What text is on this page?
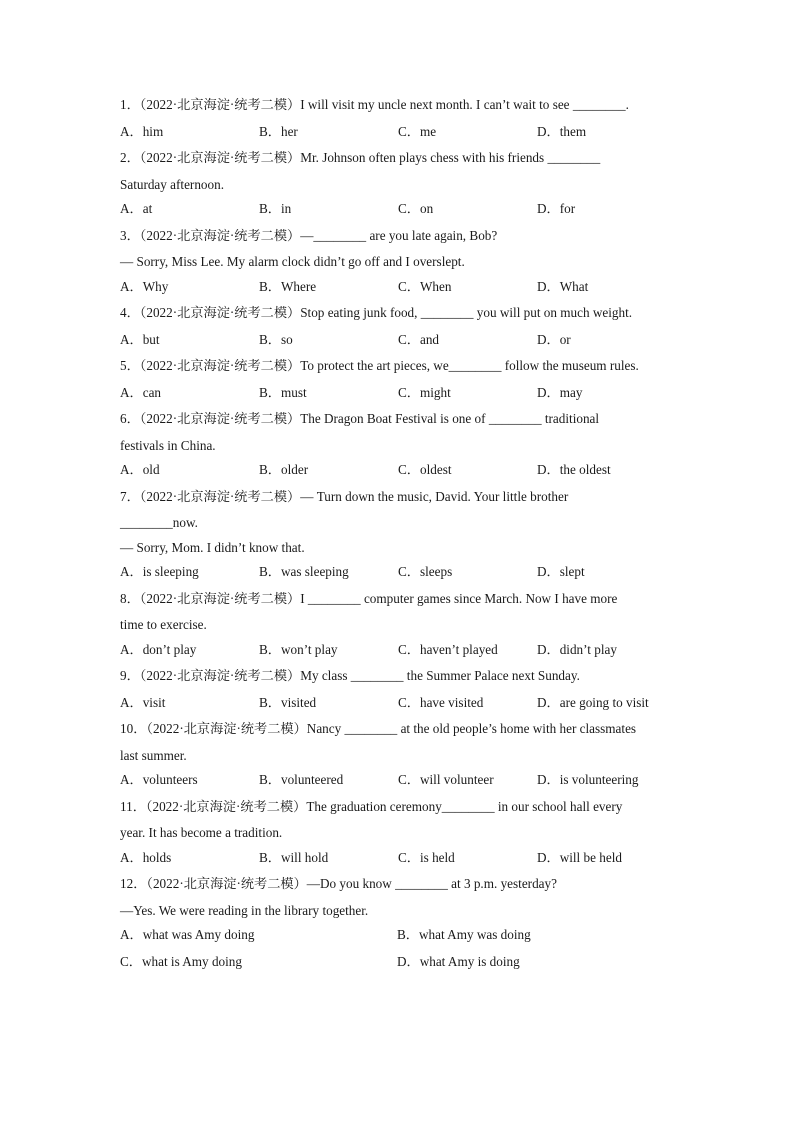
1．（2022·北京海淀·统考二模）I will visit my uncle next month. I can’t wait to see ________.
A．him	B．her	C．me	D．them
2．（2022·北京海淀·统考二模）Mr. Johnson often plays chess with his friends ________
Saturday afternoon.
A．at	B．in	C．on	D．for
3．（2022·北京海淀·统考二模）—________ are you late again, Bob?
— Sorry, Miss Lee. My alarm clock didn’t go off and I overslept.
A．Why	B．Where	C．When	D．What
4．（2022·北京海淀·统考二模）Stop eating junk food, ________ you will put on much weight.
A．but	B．so	C．and	D．or
5．（2022·北京海淀·统考二模）To protect the art pieces, we________ follow the museum rules.
A．can	B．must	C．might	D．may
6．（2022·北京海淀·统考二模）The Dragon Boat Festival is one of ________ traditional
festivals in China.
A．old	B．older	C．oldest	D．the oldest
7．（2022·北京海淀·统考二模）— Turn down the music, David. Your little brother
________now.
— Sorry, Mom. I didn’t know that.
A．is sleeping	B．was sleeping	C．sleeps	D．slept
8．（2022·北京海淀·统考二模）I ________ computer games since March. Now I have more
time to exercise.
A．don’t play	B．won’t play	C．haven’t played	D．didn’t play
9．（2022·北京海淀·统考二模）My class ________ the Summer Palace next Sunday.
A．visit	B．visited	C．have visited	D．are going to visit
10．（2022·北京海淀·统考二模）Nancy ________ at the old people’s home with her classmates
last summer.
A．volunteers	B．volunteered	C．will volunteer	D．is volunteering
11．（2022·北京海淀·统考二模）The graduation ceremony________ in our school hall every
year. It has become a tradition.
A．holds	B．will hold	C．is held	D．will be held
12．（2022·北京海淀·统考二模）—Do you know ________ at 3 p.m. yesterday?
—Yes. We were reading in the library together.
A．what was Amy doing	B．what Amy was doing
C．what is Amy doing	D．what Amy is doing
